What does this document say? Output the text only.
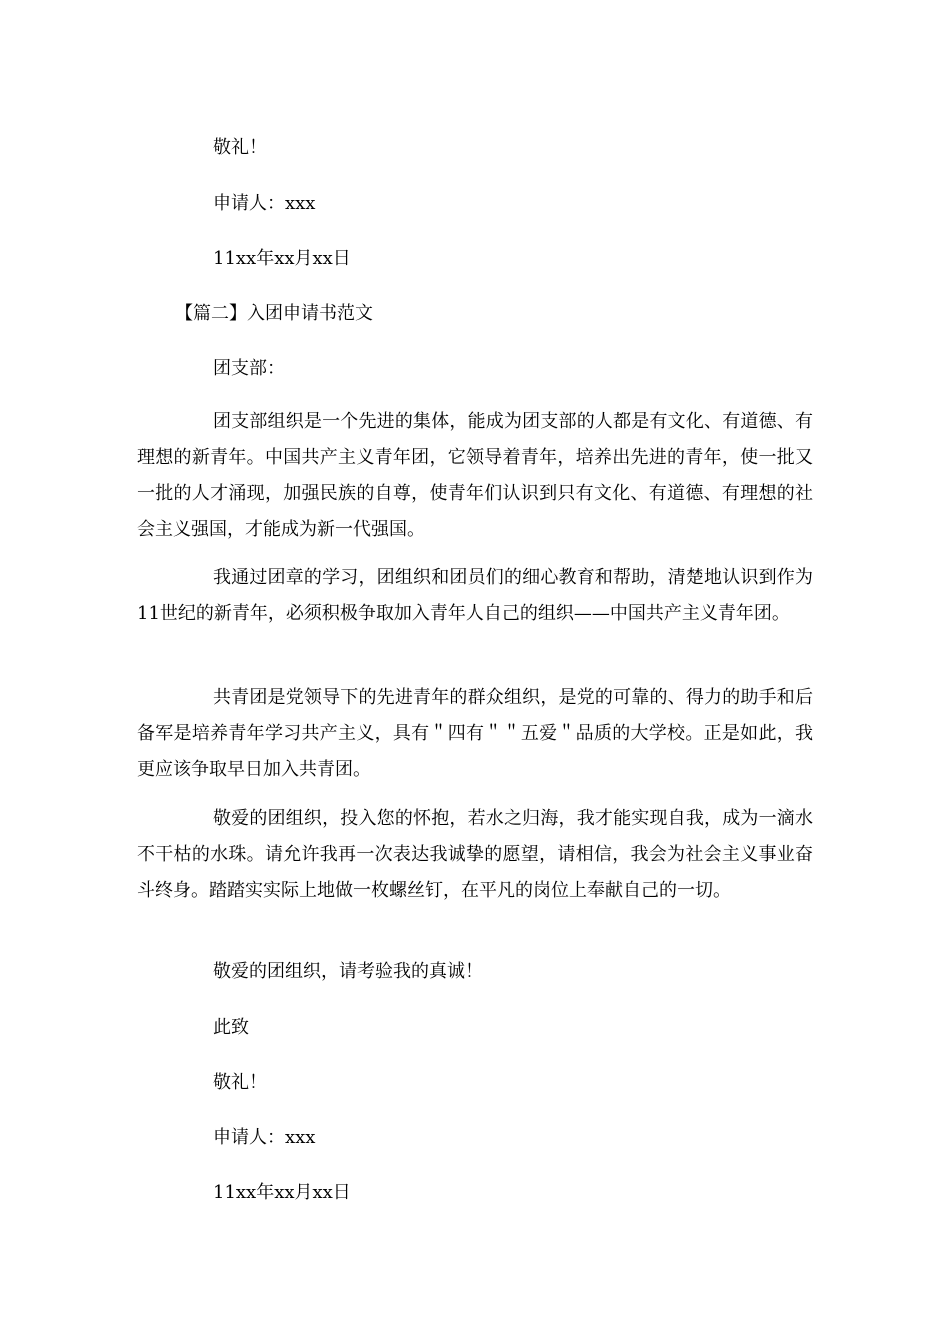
敬礼！
申请人：xxx
11xx年xx月xx日
【篇二】入团申请书范文
团支部：

团支部组织是一个先进的集体，能成为团支部的人都是有文化、有道德、有理想的新青年。中国共产主义青年团，它领导着青年，培养出先进的青年，使一批又一批的人才涌现，加强民族的自尊，使青年们认识到只有文化、有道德、有理想的社会主义强国，才能成为新一代强国。

我通过团章的学习，团组织和团员们的细心教育和帮助，清楚地认识到作为11世纪的新青年，必须积极争取加入青年人自己的组织——中国共产主义青年团。

共青团是党领导下的先进青年的群众组织，是党的可靠的、得力的助手和后备军是培养青年学习共产主义，具有＂四有＂＂五爱＂品质的大学校。正是如此，我更应该争取早日加入共青团。

敬爱的团组织，投入您的怀抱，若水之归海，我才能实现自我，成为一滴水不干枯的水珠。请允许我再一次表达我诚挚的愿望，请相信，我会为社会主义事业奋斗终身。踏踏实实际上地做一枚螺丝钉，在平凡的岗位上奉献自己的一切。

敬爱的团组织，请考验我的真诚！
此致
敬礼！
申请人：xxx
11xx年xx月xx日
